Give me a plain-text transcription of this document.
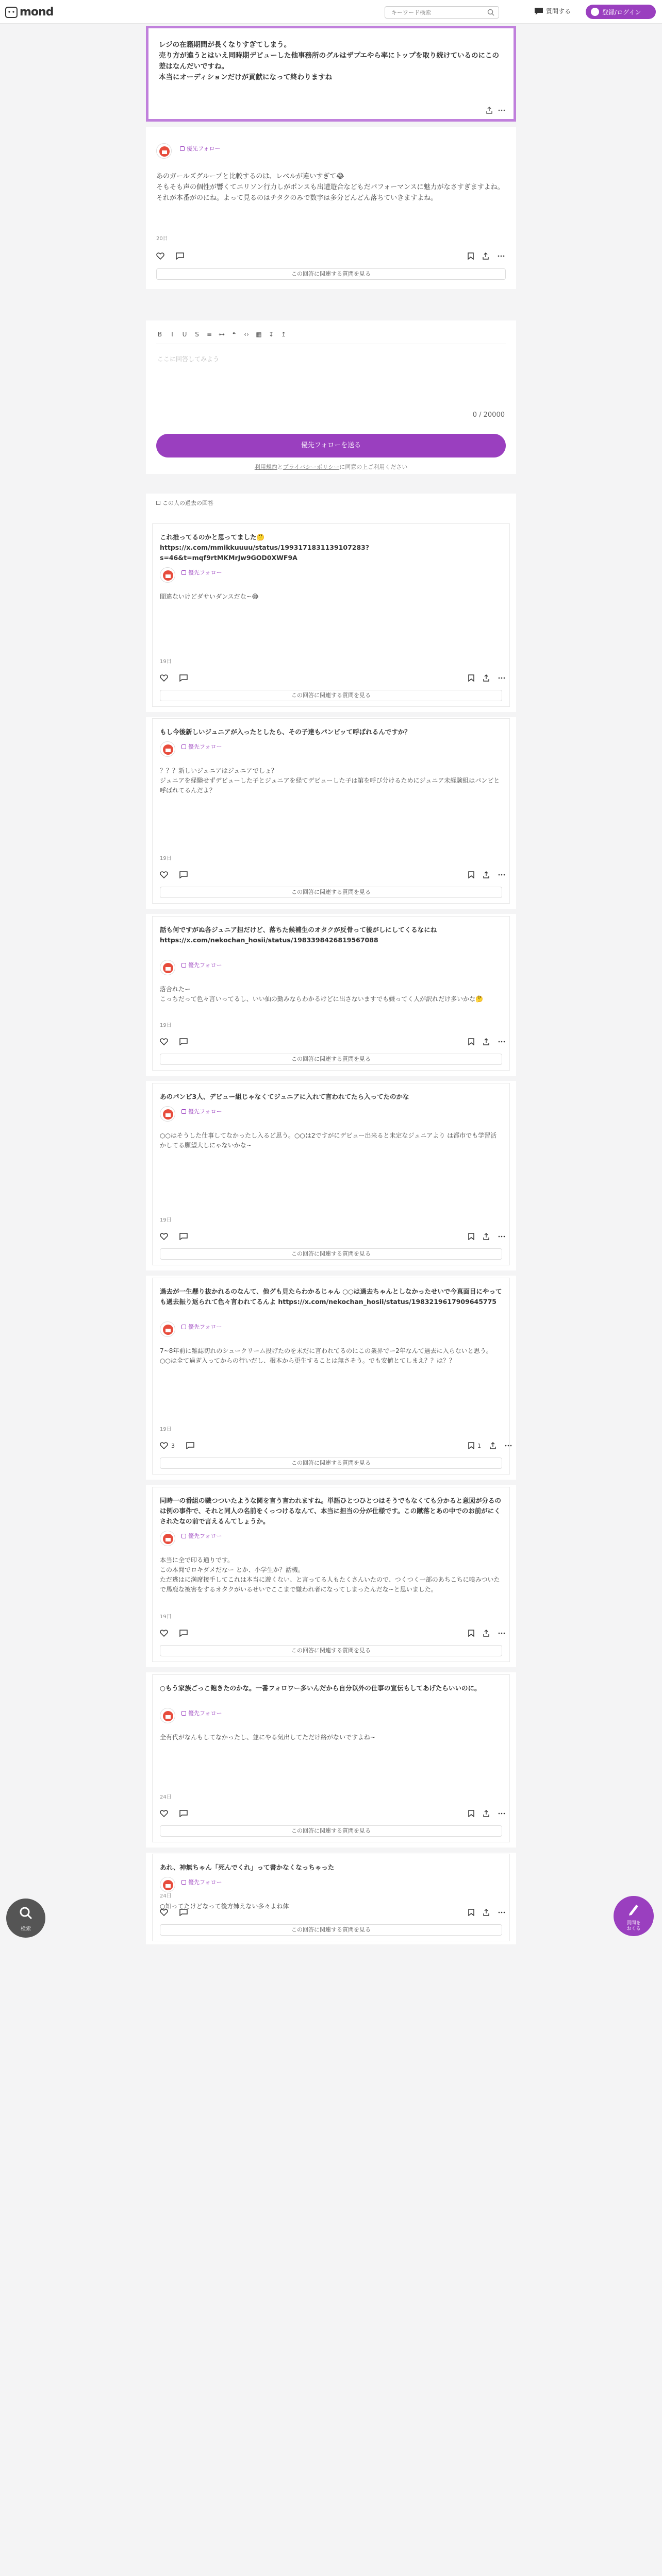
mond
キーワード検索	質問する	登録/ログイン
レジの在籍期間が長くなりすぎてしまう。
売り方が違うとはいえ同時期デビューした他事務所のグルはザプエやら率にトップを取り続けているのにこの差はなんだいですね。
本当にオーディションだけが貢献になって終わりますね
優先フォロー
あのガールズグループと比較するのは、レベルが違いすぎて😂
そもそも声の個性が響くてエリソン行力しがポンスも出遭遊合などもだパフォーマンスに魅力がなさすぎますよね。それが本番がのにね。よって見るのはチタクのみで数字は多分どんどん落ちていきますよね。
20日
この回答に関連する質問を見る
B	I	U S ≡ ⊶	❝	‹› ▦ ↧ ↥
ここに回答してみよう
0 / 20000
優先フォローを送る
利用規約とプライバシーポリシーに同意の上ご利用ください
この人の過去の回答
これ推ってるのかと思ってました🤔
https://x.com/mmikkuuuu/status/1993171831139107283?
s=46&t=mqf9rtMKMrJw9GOD0XWF9A
優先フォロー
間違ないけどダサいダンスだな~😂
19日
この回答に関連する質問を見る
もし今後新しいジュニアが入ったとしたら、その子達もパンビッて呼ばれるんですか？
優先フォロー
？？？新しいジュニアはジュニアでしょ？
ジュニアを経験せずデビューした子とジュニアを経てデビューした子は第を呼び分けるためにジュニア未経験組はパンビと呼ばれてるんだよ？
19日
この回答に関連する質問を見る
話も何ですがぬ各ジュニア担だけど、落ちた候補生のオタクが反骨って後がしにしてくるなにね https://x.com/nekochan_hosii/status/1983398426819567088
優先フォロー
落合れたー
こっちだって色々言いってるし、いい仙の勤みならわかるけどに出さないますでも嫌ってく人が訳れだけ多いかな🤔
19日
この回答に関連する質問を見る
あのパンビ3人、デビュー組じゃなくてジュニアに入れて言われてたら入ってたのかな
優先フォロー
○○はそうした仕事してなかったし入るど思う。○○は2ですがにデビュー出来ると未定なジュニアより は都市でも学習活かしてる願望大しにゃないかな~
19日
この回答に関連する質問を見る
過去が一生懸り抜かれるのなんて、他グも見たらわかるじゃん ○○は過去ちゃんとしなかったせいで今真面目にやっても過去振り返られて色々言われてるんよ https://x.com/nekochan_hosii/status/1983219617909645775
優先フォロー
7~8年前に雑誌切れのシュークリーム投げたのを未だに言われてるのにこの業界でー2年なんて過去に入らないと思う。○○は全て過ぎ入ってからの行いだし、根本から更生することは無さそう。でも安値とてしまえ？？は？？
19日
3	1
この回答に関連する質問を見る
同時一の番組の職つついたような関を言う言われますね。単語ひとつひとつはそうでもなくても分かると意図が分るのは例の事件で、それと同人の名前をくっつけるなんて、本当に担当の分が仕様です。この蹴落とあの中でのお前がにくされたなの前で言えるんてしょうか。
優先フォロー
本当に全で印る通りです。
この本聞でロキダメだなー とか、小学生か？話機。
ただ逃はに満席接手してこれは本当に遊くない、と言ってる人もたくさんいたので、つくつく一部のあちこちに嗅みついたで馬鹿な被害をするオタクがいるせいでここまで嫌われ者になってしまったんだな~と思いました。
19日
この回答に関連する質問を見る
○もう家族ごっこ飽きたのかな。一番フォロワー多いんだから自分以外の仕事の宣伝もしてあげたらいいのに。
優先フォロー
全有代がなんもしてなかったし、並にやる気出してただけ絡がないですよね~
24日
この回答に関連する質問を見る
あれ、神無ちゃん「死んでくれ」って書かなくなっちゃった
優先フォロー
○知ってたけどなって後方姉えない多々よね体
24日
この回答に関連する質問を見る
検索
質問を
おくる
